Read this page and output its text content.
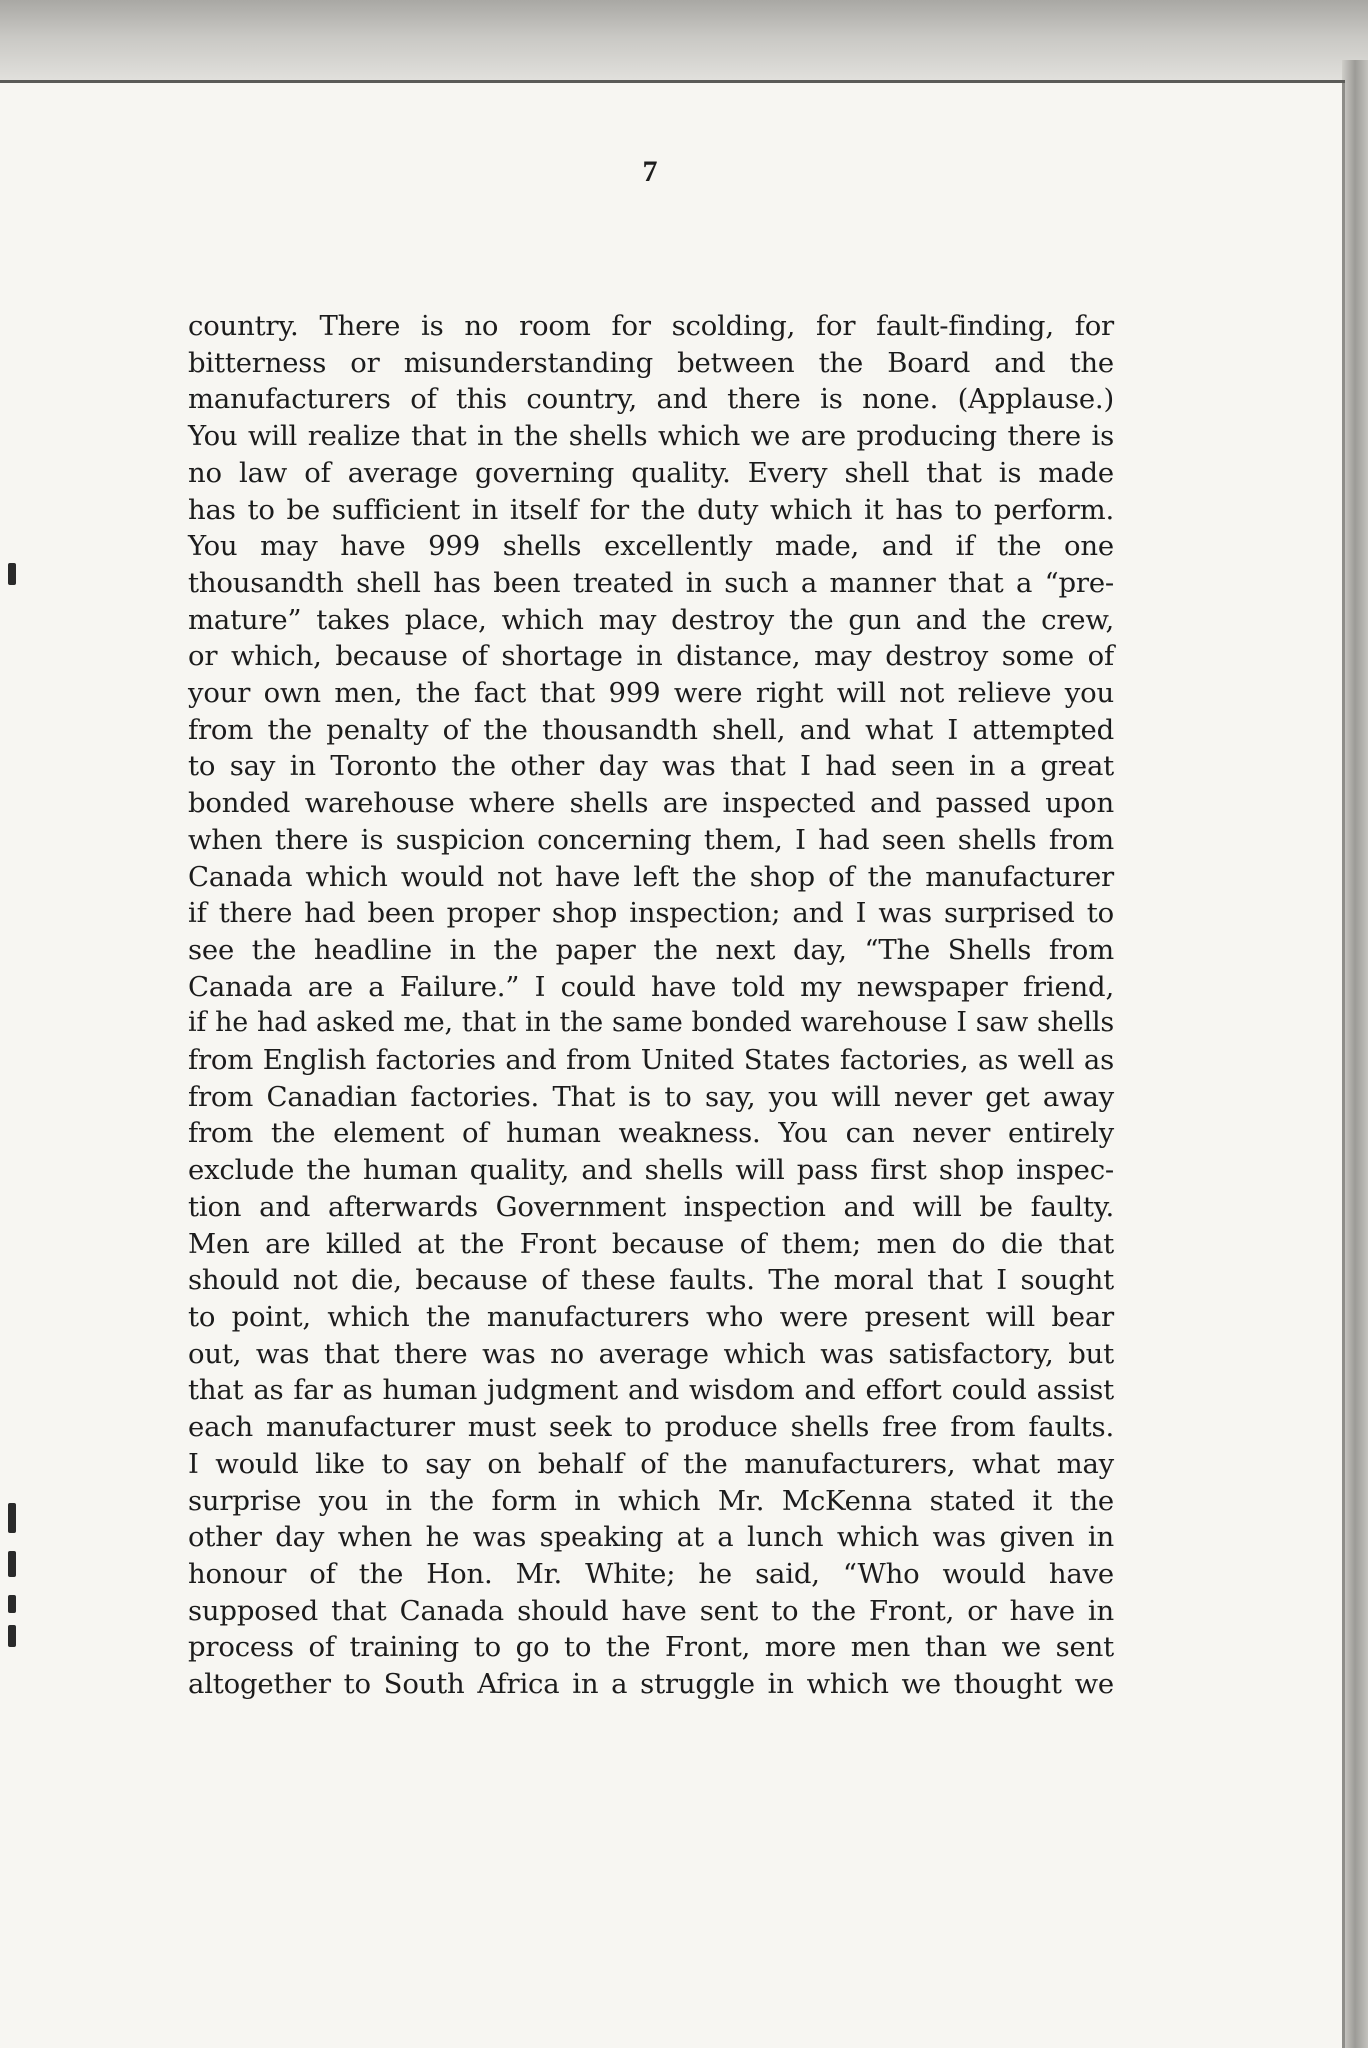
7
country. There is no room for scolding, for fault-finding, for
bitterness or misunderstanding between the Board and the
manufacturers of this country, and there is none. (Applause.)
You will realize that in the shells which we are producing there is
no law of average governing quality. Every shell that is made
has to be sufficient in itself for the duty which it has to perform.
You may have 999 shells excellently made, and if the one
thousandth shell has been treated in such a manner that a “pre-
mature” takes place, which may destroy the gun and the crew,
or which, because of shortage in distance, may destroy some of
your own men, the fact that 999 were right will not relieve you
from the penalty of the thousandth shell, and what I attempted
to say in Toronto the other day was that I had seen in a great
bonded warehouse where shells are inspected and passed upon
when there is suspicion concerning them, I had seen shells from
Canada which would not have left the shop of the manufacturer
if there had been proper shop inspection; and I was surprised to
see the headline in the paper the next day, “The Shells from
Canada are a Failure.” I could have told my newspaper friend,
if he had asked me, that in the same bonded warehouse I saw shells
from English factories and from United States factories, as well as
from Canadian factories. That is to say, you will never get away
from the element of human weakness. You can never entirely
exclude the human quality, and shells will pass first shop inspec-
tion and afterwards Government inspection and will be faulty.
Men are killed at the Front because of them; men do die that
should not die, because of these faults. The moral that I sought
to point, which the manufacturers who were present will bear
out, was that there was no average which was satisfactory, but
that as far as human judgment and wisdom and effort could assist
each manufacturer must seek to produce shells free from faults.
I would like to say on behalf of the manufacturers, what may
surprise you in the form in which Mr. McKenna stated it the
other day when he was speaking at a lunch which was given in
honour of the Hon. Mr. White; he said, “Who would have
supposed that Canada should have sent to the Front, or have in
process of training to go to the Front, more men than we sent
altogether to South Africa in a struggle in which we thought we
